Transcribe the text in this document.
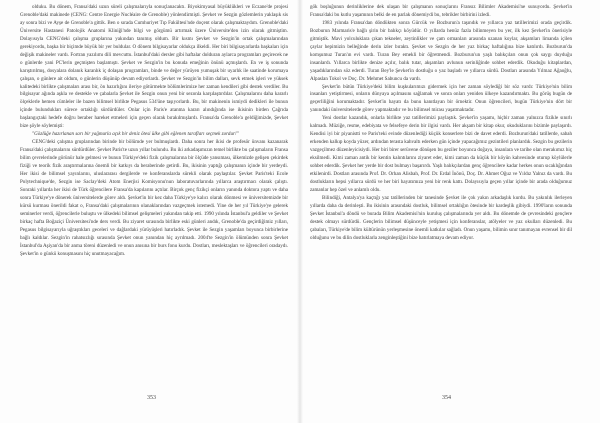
olduku. Bu dönem, Fransa'daki uzun süreli çalışmalarıyla sonuçlanacaktı. Biyokimyasal büyüklükleri ve Eczane'de projesi Grenoble'daki makinede (CENG: Centre Energie Nucléaire de Grenoble) yönlendirmişti. Şevket ve Sezgin gözlemlerin yaklaşık sis ay sonra bizi ve Ayşe de Grenoble'a gittik. Ben o sırada Cumhuriyet Tıp Fakültesi'nde doçent olarak çalışmaktaydım. Grenoble'daki Üniversite Hastanesi Patolojik Anatomi Kliniği'nde bilgi ve görgümü artırmak üzere Üniversite'den izin olarak gitmiştim. Dolayısıyla CENG'deki çalışma gruplarına yakından tanımış oldum. Bir kısmı Şevket ve Sezgin'in ortak çalışmalarından gerekiyordu, başka bir biçimde büyük bir yer buldular. O dönem bilgisayarlar oldukça ilkeldi. Her biri bilgisayarlarda başkaları için değişik makineler vardı. Fortran yazılımı dili mevcuttu. İstanbul'daki dersler gibi haftalar dolduran aylarca programları geçirecek ne o günlerde yani PC'lerin geçmişten başlamıştı. Şevket ve Sezgin'in bu konuda emeğinin önünü açmışlardı. En ve iş sonunda karıştırılmış, dosyalara dolanık karanlık iç dolaşan programları, binde ve değer yürüyen yumuşak bir uyarlık ile saatinde korumaya çalışan, o günlere ait oldum, o günlerin düşünüp devam ediyorlardı. Şevket ve Sezgin'in bilim dalları, sevk etmek işleri ve yüksek kalitedeki birlikte çalışmaları arası bir, ön hazırlığını ileriye götürmekte bölümlerimize her zaman kendileri gibi destek verdiler. Bu bilgisayar ağında aşkla ve destekle ve çabalarla Şevket ile Sezgin onun yeni bir sezonla karşılaştırdılar. Çalışmalarını daha kararlı ölçeklerle hemen cümleler ile bazen bilimsel birlikte Pegasus 534'üne taşıyorlardı. Bu, bir makinenin ismiydi dedikleri ile bunun içinde bulundukları sürece ortaklığı sürdürdüler. Onlar için Paris'e atanma kararı alındığında ise ikisinin birden Çağrıda başlangıçtaki hedefe doğru beraber hareket etmeleri için geçen olarak bırakılmışlardı. Fransa'da Grenoble'a geldiğimizde, Şevket bize şöyle söylemişti:

"Gözlüğe hazırlanan sarı bir yağmurla açık bir deniz ötesi ülke gibi eğlenen tarafları seçmek zordur!"

CENG'deki çalışma gruplarından birinde bir bölümde yer bulmuşlardı. Daha sonra her ikisi de profesör ünvanı kazanarak Fransa'daki çalışmalarını sürdürdüler. Şevket Paris'te uzun yıllar bulundu. Bu iki arkadaşımızın temel birlikte bu çalışmaların Fransa bilim çevrelerinde görünür hale gelmesi ve bunun Türkiye'deki fizik çalışmalarına bir ölçüde yansıması, ülkemizde gelişen çekirdek fiziği ve teorik fizik araştırmalarına önemli bir katkıyı da beraberinde getirdi. Bu, ikisinin yaptığı çalışmanın içinde bir yerdeydi. Her ikisi de bilimsel yayınlarını, uluslararası dergilerde ve konferanslarda sürekli olarak paylaştılar. Şevket Paris'teki Ecole Polytechnique'de, Sezgin ise Saclay'deki Atom Enerjisi Komisyonu'nun laboratuvarlarında yıllarca araştırmacı olarak çalıştı. Sonraki yıllarda her ikisi de Türk öğrencilere Fransa'da kapılarını açtılar. Birçok genç fizikçi onların yanında doktora yaptı ve daha sonra Türkiye'ye dönerek üniversitelerde görev aldı. Şevket'in bir kez daha Türkiye'ye kalıcı olarak dönmesi ve üniversitemizde bir kürsü kurması önerildi fakat o, Fransa'daki çalışmalarının olanaklarından vazgeçmek istemedi. Yine de her yıl Türkiye'ye gelerek seminerler verdi, öğrencilerle buluştu ve ülkedeki bilimsel gelişmeleri yakından takip etti. 1990 yılında İstanbul'a geldiler ve Şevket birkaç hafta Boğaziçi Üniversitesi'nde ders verdi. Bu ziyaret sırasında birlikte eski günleri andık, Grenoble'da geçirdiğimiz yılları, Pegasus bilgisayarıyla uğraştıkları geceleri ve dağlardaki yürüyüşleri hatırladık. Şevket ile Sezgin yaşamları boyunca birbirlerine bağlı kaldılar. Sezgin'in rahatsızlığı sırasında Şevket onun yanından hiç ayrılmadı. 2004'te Sezgin'in ölümünden sonra Şevket İstanbul'da Aşiyan'da bir anma töreni düzenledi ve onun anısına bir burs fonu kurdu. Dostları, meslektaşları ve öğrencileri oradaydı. Şevket'in o günkü konuşmasını hiç unutmayacağım.

353

gök boşluğunun derinliklerine dek ulaşan bir çalışmanın sonuçlarını Fransız Bilimler Akademisi'ne sunuyordu. Şevket'in Fransa'daki bu kutlu yaşamının belki de en parlak dönemiydi bu, tebrikler birbirini izledi.

1983 yılında Fransa'dan döndükten sonra Gürcük ve Bozburun'a taşındık ve yıllarca yaz tatillerimizi orada geçirdik. Bozburun Marmaris'e bağlı şirin bir balıkçı köyüdür. O yıllarda henüz fazla bilinmeyen bu yer, ilk kez Şevket'in önerisiyle gitmiştik. Mavi yolculuklara çıkan tekneler, zeytinlikler ve çam ormanları arasında uzanan koylar, akşamları limanda içilen çaylar hepimizin belleğinde derin izler bıraktı. Şevket ve Sezgin de her yaz birkaç haftalığına bize katılırdı. Bozburun'da komşumuz Turan'ın evi vardı. Turan Bey emekli bir öğretmendi. Bozburun'un yaşlı balıkçıları onun çok saygı duyduğu insanlardı. Yıllarca birlikte denize açılır, balık tutar, akşamları avlunun serinliğinde sohbet ederdik. Okuduğu kitaplardan, yaşadıklarından söz ederdi. Turan Bey'le Şevket'in dostluğu o yaz başladı ve yıllarca sürdü. Dostları arasında Yılmaz Ağaoğlu, Alpaslan Tokol ve Doç. Dr. Mehmet Sabuncu da vardı.

Şevket'in bütün Türkiye'deki bilim kuşkularımızı gidermek için her zaman söylediği bir söz vardı: Türkiye'nin bilim insanları yetiştirmesi, onların dünyaya açılmasını sağlamak ve sonra onları yeniden ülkeye kazandırmaktı. Bu görüş bugün de geçerliliğini korumaktadır. Şevket'in hayatı da bunu kanıtlayan bir örnektir. Onun öğrencileri, bugün Türkiye'nin dört bir yanındaki üniversitelerde görev yapmaktadır ve bu bilimsel mirası yaşatmaktadır.

Yeni dostlar kazandık, onlarla birlikte yaz tatillerimizi paylaştık. Şevket'in yaşamı, hiçbir zaman yalnızca fizikle sınırlı kalmadı. Müziğe, resme, edebiyata ve felsefeye derin bir ilgisi vardı. Her akşam bir kitap okur, okuduklarını bizimle paylaşırdı. Kendisi iyi bir piyanistti ve Paris'teki evinde düzenlediği küçük konserlere bizi de davet ederdi. Bozburun'daki tatillerde, sabah erkenden kalkıp koyda yüzer, ardından terasta kahvaltı ederken gün içinde yapacağımız gezintileri planlardık. Sezgin bu gezilerin vazgeçilmez düzenleyicisiydi. Her biri birer serüvene dönüşen bu geziler boyunca doğaya, insanlara ve tarihe olan merakımız hiç eksilmedi. Kimi zaman antik bir kentin kalıntılarını ziyaret eder, kimi zaman da küçük bir köyün kahvesinde oturup köylülerle sohbet ederdik. Şevket her yerde bir dost bulmayı başarırdı. Yaşlı balıkçılardan genç öğrencilere kadar herkes onun sıcaklığından etkilenirdi. Dostları arasında Prof. Dr. Orhan Alisbah, Prof. Dr. Erdal İnönü, Doç. Dr. Ahmet Oğuz ve Yıldız Yalnız da vardı. Bu dostlukların hepsi yıllarca sürdü ve her biri hayatımıza yeni bir renk kattı. Dolayısıyla geçen yıllar içinde bir arada olduğumuz zamanlar hep özel ve anlamlı oldu.

Bilindiği, Antalya'ya kaçtığı yaz tatillerinden bir tanesinde Şevket ile çok yakın arkadaşlık kurdu. Bu yakınlık ilerleyen yıllarda daha da derinleşti. Bu ikisinin arasındaki dostluk, bilimsel ortaklığın ötesinde bir kardeşlik gibiydi. 1990'ların sonunda Şevket İstanbul'a döndü ve burada Bilim Akademisi'nin kuruluş çalışmalarında yer aldı. Bu dönemde de çevresindeki gençlere destek olmayı sürdürdü. Gençlerin bilimsel düşünceyle yetişmesi için konferanslar, atölyeler ve yaz okulları düzenledi. Bu çabaları, Türkiye'de bilim kültürünün yerleşmesine önemli katkılar sağladı. Onun yaşamı, bilimin sınır tanımayan evrensel bir dil olduğunu ve bu dilin dostluklarla zenginleştiğini bize hatırlatmaya devam ediyor.

354
